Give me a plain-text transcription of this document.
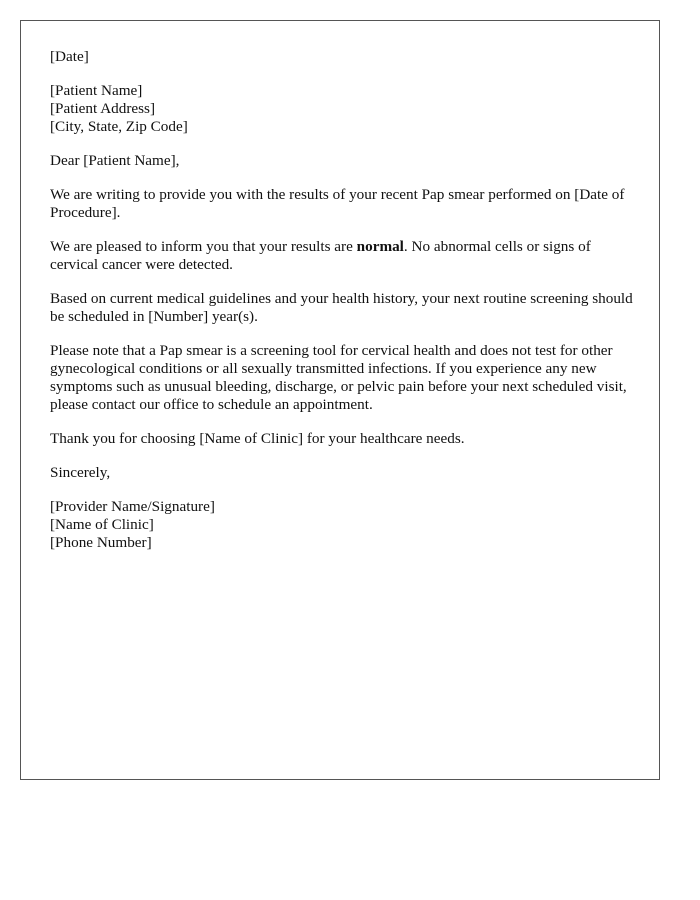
[Date]

[Patient Name]
[Patient Address]
[City, State, Zip Code]

Dear [Patient Name],

We are writing to provide you with the results of your recent Pap smear performed on [Date of Procedure].

We are pleased to inform you that your results are normal. No abnormal cells or signs of cervical cancer were detected.

Based on current medical guidelines and your health history, your next routine screening should be scheduled in [Number] year(s).

Please note that a Pap smear is a screening tool for cervical health and does not test for other gynecological conditions or all sexually transmitted infections. If you experience any new symptoms such as unusual bleeding, discharge, or pelvic pain before your next scheduled visit, please contact our office to schedule an appointment.

Thank you for choosing [Name of Clinic] for your healthcare needs.

Sincerely,

[Provider Name/Signature]
[Name of Clinic]
[Phone Number]
